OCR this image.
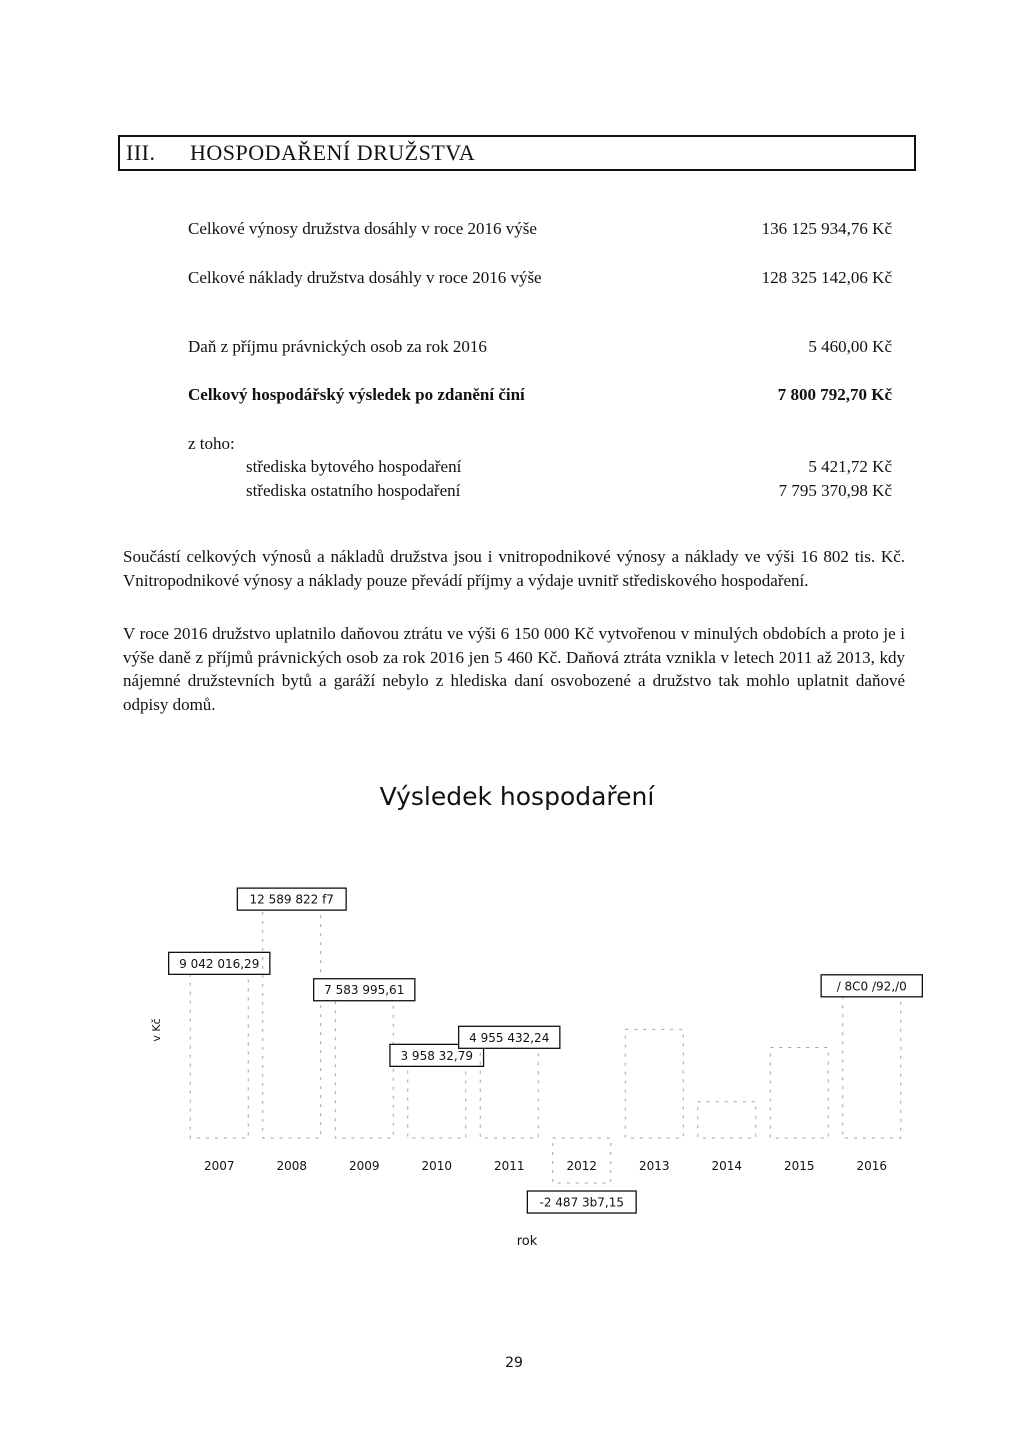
III. HOSPODAŘENÍ DRUŽSTVA
Celkové výnosy družstva dosáhly v roce 2016 výše	136 125 934,76 Kč
Celkové náklady družstva dosáhly v roce 2016 výše	128 325 142,06 Kč
Daň z příjmu právnických osob za rok 2016	5 460,00 Kč
Celkový hospodářský výsledek po zdanění činí	7 800 792,70 Kč
z toho:
střediska bytového hospodaření	5 421,72 Kč
střediska ostatního hospodaření	7 795 370,98 Kč
Součástí celkových výnosů a nákladů družstva jsou i vnitropodnikové výnosy a náklady ve výši 16 802 tis. Kč. Vnitropodnikové výnosy a náklady pouze převádí příjmy a výdaje uvnitř střediskového hospodaření.
V roce 2016 družstvo uplatnilo daňovou ztrátu ve výši 6 150 000 Kč vytvořenou v minulých obdobích a proto je i výše daně z příjmů právnických osob za rok 2016 jen 5 460 Kč. Daňová ztráta vznikla v letech 2011 až 2013, kdy nájemné družstevních bytů a garáží nebylo z hlediska daní osvobozené a družstvo tak mohlo uplatnit daňové odpisy domů.
Výsledek hospodaření
2007
9 042 016,29
2008
12 589 822 f7
2009
7 583 995,61
2010
3 958 32,79
2011
4 955 432,24
2012
-2 487 3b7,15
2013	2014	2015	2016
/ 8C0 /92,/0
v Kč
rok
29
